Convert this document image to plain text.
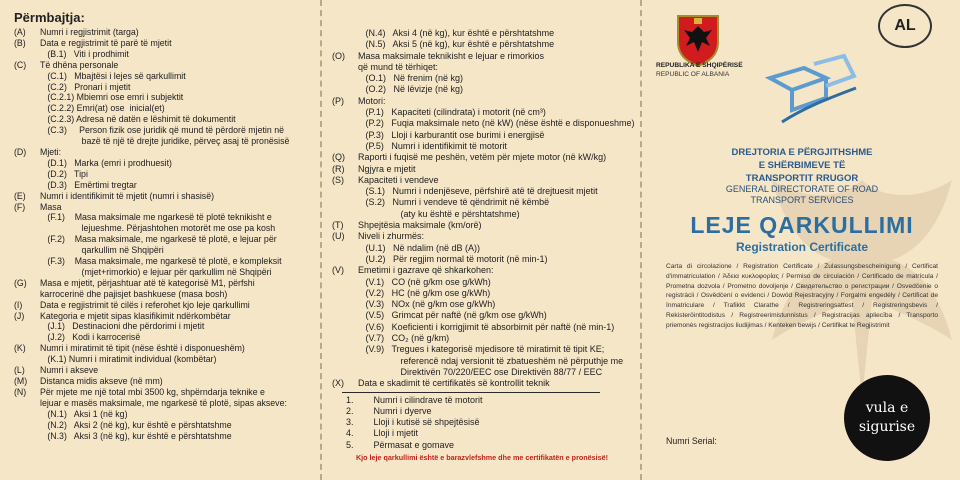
Përmbajtja:
(A) Numri i regjistrimit (targa)
(B) Data e regjistrimit të parë të mjetit
(B.1)   Viti i prodhimit
(C) Të dhëna personale
(C.1)   Mbajtësi i lejes së qarkullimit
(C.2)   Pronari i mjetit
(C.2.1) Mbiemri ose emri i subjektit
(C.2.2) Emri(at) ose  inicial(et)
(C.2.3) Adresa në datën e lëshimit të dokumentit
(C.3)     Person fizik ose juridik që mund të përdorë mjetin në
bazë të një të drejte juridike, përveç asaj të pronësisë
(D) Mjeti:
(D.1)   Marka (emri i prodhuesit)
(D.2)   Tipi
(D.3)   Emërtimi tregtar
(E) Numri i identifikimit të mjetit (numri i shasisë)
(F) Masa
(F.1)    Masa maksimale me ngarkesë të plotë teknikisht e
lejueshme. Përjashtohen motorët me ose pa kosh
(F.2)    Masa maksimale, me ngarkesë të plotë, e lejuar për
qarkullim në Shqipëri
(F.3)    Masa maksimale, me ngarkesë të plotë, e kompleksit
(mjet+rimorkio) e lejuar për qarkullim në Shqipëri
(G) Masa e mjetit, përjashtuar atë të kategorisë M1, përfshi
karrocerinë dhe pajisjet bashkuese (masa bosh)
(I) Data e regjistrimit të cilës i referohet kjo leje qarkullimi
(J) Kategoria e mjetit sipas klasifikimit ndërkombëtar
(J.1)   Destinacioni dhe përdorimi i mjetit
(J.2)   Kodi i karrocerisë
(K) Numri i miratimit të tipit (nëse është i disponueshëm)
(K.1) Numri i miratimit individual (kombëtar)
(L) Numri i akseve
(M) Distanca midis akseve (në mm)
(N) Për mjete me një total mbi 3500 kg, shpërndarja teknike e
lejuar e masës maksimale, me ngarkesë të plotë, sipas akseve:
(N.1)   Aksi 1 (në kg)
(N.2)   Aksi 2 (në kg), kur është e përshtatshme
(N.3)   Aksi 3 (në kg), kur është e përshtatshme
(N.4)   Aksi 4 (në kg), kur është e përshtatshme
(N.5)   Aksi 5 (në kg), kur është e përshtatshme
(O) Masa maksimale teknikisht e lejuar e rimorkios
që mund të tërhiqet:
(O.1)   Në frenim (në kg)
(O.2)   Në lëvizje (në kg)
(P) Motori:
(P.1)   Kapaciteti (cilindrata) i motorit (në cm³)
(P.2)   Fuqia maksimale neto (në kW) (nëse është e disponueshme)
(P.3)   Lloji i karburantit ose burimi i energjisë
(P.5)   Numri i identifikimit të motorit
(Q) Raporti i fuqisë me peshën, vetëm për mjete motor (në kW/kg)
(R) Ngjyra e mjetit
(S) Kapaciteti i vendeve
(S.1)   Numri i ndenjëseve, përfshirë atë të drejtuesit mjetit
(S.2)   Numri i vendeve të qëndrimit në këmbë
(aty ku është e përshtatshme)
(T) Shpejtësia maksimale (km/orë)
(U) Niveli i zhurmës:
(U.1)   Në ndalim (në dB (A))
(U.2)   Për regjim normal të motorit (në min-1)
(V) Emetimi i gazrave që shkarkohen:
(V.1)   CO (në g/km ose g/kWh)
(V.2)   HC (në g/km ose g/kWh)
(V.3)   NOx (në g/km ose g/kWh)
(V.5)   Grimcat për naftë (në g/km ose g/kWh)
(V.6)   Koeficienti i korrigjimit të absorbimit për naftë (në min-1)
(V.7)   CO₂ (në g/km)
(V.9)   Tregues i kategorisë mjedisore të miratimit të tipit KE;
referencë ndaj versionit të zbatueshëm në përputhje me
Direktivën 70/220/EEC ose Direktivën 88/77 / EEC
(X) Data e skadimit të certifikatës së kontrollit teknik
1.        Numri i cilindrave të motorit
2.        Numri i dyerve
3.        Lloji i kutisë së shpejtësisë
4.        Lloji i mjetit
5.        Përmasat e gomave
Kjo leje qarkullimi është e barazvlefshme dhe me certifikatën e pronësisë!
REPUBLIKA E SHQIPËRISË
REPUBLIC OF ALBANIA
AL
DREJTORIA E PËRGJITHSHME
E SHËRBIMEVE TË
TRANSPORTIT RRUGOR
GENERAL DIRECTORATE OF ROAD
TRANSPORT SERVICES
LEJE QARKULLIMI
Registration Certificate
Carta di circolazione / Registration Certificate / Zulassungsbescheinigung / Certificat d'immatriculation / Άδεια κυκλοφορίας / Permiso de circulación / Certificado de matrícula / Prometna dozvola / Prometno dovoljenje / Свидетельство о регистрации / Osvedčenie o registrácii / Osvědčení o evidenci / Dowód Rejestracyjny / Forgalmi engedély / Certificat de înmatriculare / Trafikkt Clarathe / Registreringsattest / Registreringsbevis / Rekisteröintitodistus / Registreerimistunnistus / Registracijas apliecība / Transporto priemonės registracijos liudijimas / Kenteken bewijs / Certifikat te Regjistrimit
vula e
sigurise
Numri Serial:
